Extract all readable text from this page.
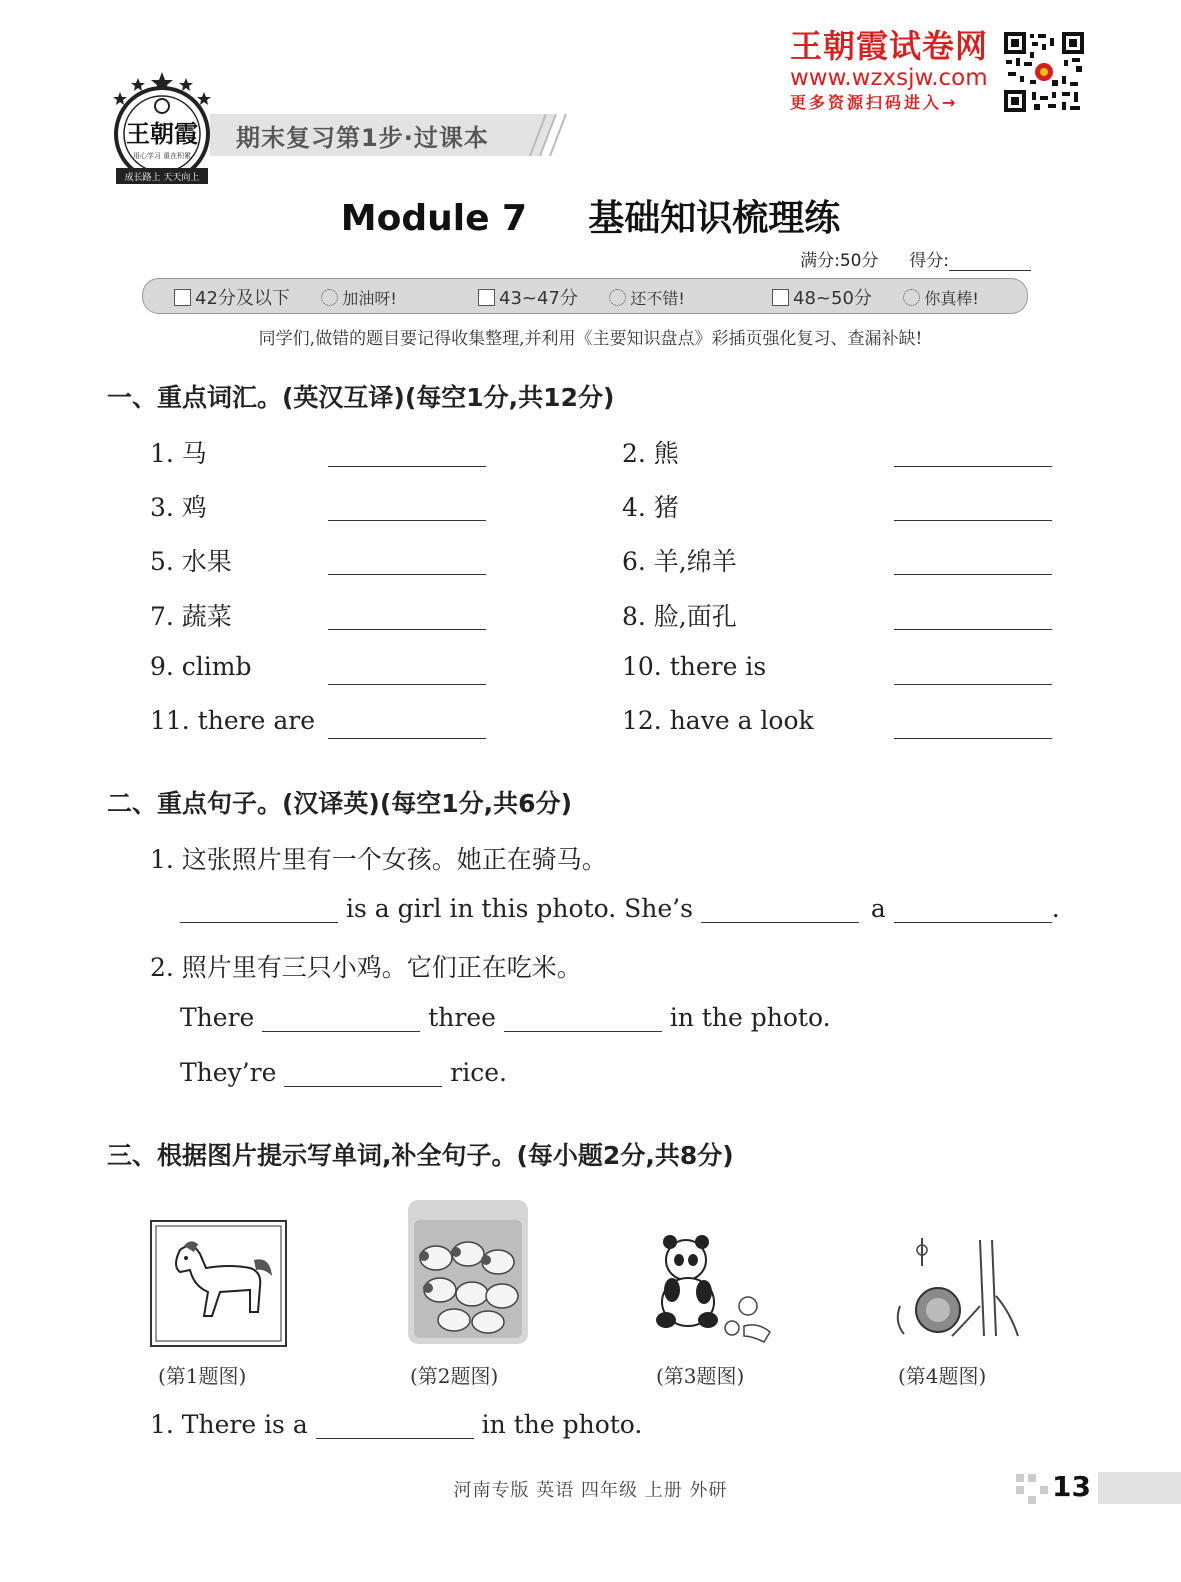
王朝霞
用心学习 重在积累
成长路上 天天向上
期末复习第1步·过课本
王朝霞试卷网
www.wzxsjw.com
更多资源扫码进入→
Module 7 基础知识梳理练
满分:50分 得分:
42分及以下	加油呀!	43~47分	还不错!	48~50分	你真棒!
同学们,做错的题目要记得收集整理,并利用《主要知识盘点》彩插页强化复习、查漏补缺!
一、重点词汇。(英汉互译)(每空1分,共12分)
1. 马	2. 熊
3. 鸡	4. 猪
5. 水果	6. 羊,绵羊
7. 蔬菜	8. 脸,面孔
9. climb	10. there is
11. there are	12. have a look
二、重点句子。(汉译英)(每空1分,共6分)
1. 这张照片里有一个女孩。她正在骑马。
is a girl in this photo. She’s	a	.
2. 照片里有三只小鸡。它们正在吃米。
There	three	in the photo.
They’re	rice.
三、根据图片提示写单词,补全句子。(每小题2分,共8分)
(第1题图)	(第2题图)	(第3题图)	(第4题图)
1. There is a	in the photo.
河南专版 英语 四年级 上册 外研	13
